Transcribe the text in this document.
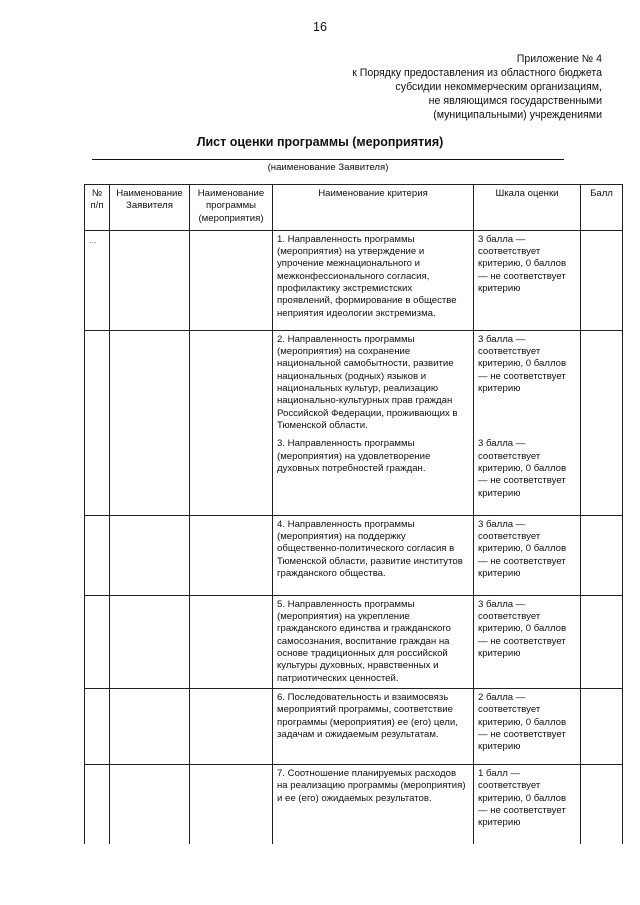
16
Приложение № 4
к Порядку предоставления из областного бюджета
субсидии некоммерческим организациям,
не являющимся государственными
(муниципальными) учреждениями
Лист оценки программы (мероприятия)
(наименование Заявителя)
№ п/п	Наименование Заявителя	Наименование программы (мероприятия)	Наименование критерия	Шкала оценки	Балл
...			1. Направленность программы (мероприятия) на утверждение и упрочение межнационального и межконфессионального согласия, профилактику экстремистских проявлений, формирование в обществе неприятия идеологии экстремизма.	3 балла — соответствует критерию, 0 баллов — не соответствует критерию	
			2. Направленность программы (мероприятия) на сохранение национальной самобытности, развитие национальных (родных) языков и национальных культур, реализацию национально-культурных прав граждан Российской Федерации, проживающих в Тюменской области.	3 балла — соответствует критерию, 0 баллов — не соответствует критерию	
			3. Направленность программы (мероприятия) на удовлетворение духовных потребностей граждан.	3 балла — соответствует критерию, 0 баллов — не соответствует критерию	
			4. Направленность программы (мероприятия) на поддержку общественно-политического согласия в Тюменской области, развитие институтов гражданского общества.	3 балла — соответствует критерию, 0 баллов — не соответствует критерию	
			5. Направленность программы (мероприятия) на укрепление гражданского единства и гражданского самосознания, воспитание граждан на основе традиционных для российской культуры духовных, нравственных и патриотических ценностей.	3 балла — соответствует критерию, 0 баллов — не соответствует критерию	
			6. Последовательность и взаимосвязь мероприятий программы, соответствие программы (мероприятия) ее (его) цели, задачам и ожидаемым результатам.	2 балла — соответствует критерию, 0 баллов — не соответствует критерию	
			7. Соотношение планируемых расходов на реализацию программы (мероприятия) и ее (его) ожидаемых результатов.	1 балл — соответствует критерию, 0 баллов — не соответствует критерию	
